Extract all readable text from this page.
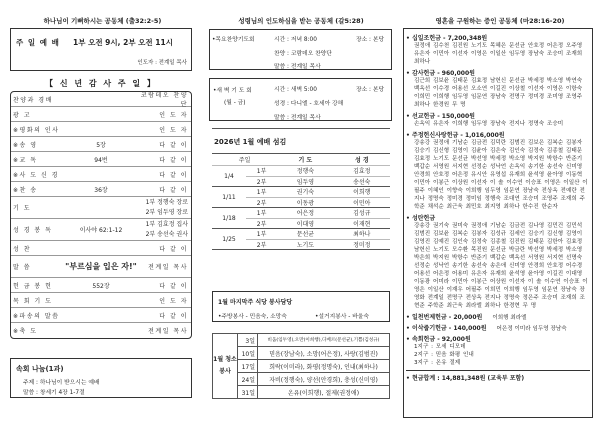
하나님이 기뻐하시는 공동체 (출32:2-5)
주 일 예 배 1부 오전 9시, 2부 오전 11시
인도자 : 전계일 목사
【 신 년 감 사 주 일 】
찬양과 경배
코람데오 찬양단
광 고	인 도 자
※평화의 인사	인 도 자
※송 영	5장	다 같 이
※교 독	94번	다 같 이
※사 도 신 경	다 같 이
※찬 송	36장	다 같 이
기 도
1부 정행숙 장로
2부 임두영 장로
성 경 봉 독	이사야 62:1-12
1부 김효정 집사
2부 송선숙 권사
성 찬	다 같 이
말 씀	"부르심을 입은 자!"	전계일 목사
헌 금 봉 헌	552장	다 같 이
목 회 기 도	인 도 자
※파송의 말씀	다 같 이
※축 도	전계일 목사
속회 나눔(1과)
주제 : 하나님이 받으시는 예배
말씀 : 창세기 4장 1-7절
성령님의 인도하심을 받는 공동체 (갈5:28)
•목요찬양기도회	시간 : 저녁 8:00	장소 : 본당
찬양 : 코람데오 찬양단
말씀 : 전계일 목사
•새 벽 기 도 회
(월 - 금)
시간 : 새벽 5:00	장소 : 본당
성경 : 다니엘 - 호세아 강해
말씀 : 전계일 목사
2026년 1월 예배 섬김
주일		기 도	성 경
1/4	1부	정행숙	김효정
	2부	임두영	송선숙
1/11	1부	권기숙	이희행
	2부	이동광	이민아
1/18	1부	어은정	김성규
	2부	이대영	이재현
1/25	1부	문선균	최하나
	2부	노기도	정미정
1월 마지막주 식당 봉사담당
•주방봉사 - 민음숙, 소망숙	•설거지봉사 - 바울숙
1월 청소 봉사	3일	비움(임두영),오만(이희행),디베르(문선균),기쁨(김성규)
	10일	믿음(장남숙), 소망(어은정), 사랑(김범진)
	17일	희락(이미라), 화평(정명숙), 인내(최하나)
	24일	자비(정행숙), 양선(안경희), 충성(신미영)
	31일	온유(이희행), 절제(권정애)
영혼을 구원하는 증인 공동체 (마28:16-20)
• 십일조헌금 - 7,200,348원
권정애 김수천 김진원 노기도 목혜은 문선균 안호정 어은정 오주영 유은자 이민아 이선자 이영은 이일산 임두영 장남숙 조승미 조재희 최하나
• 감사헌금 - 960,000원
김근희 김보윤 김태문 김효정 남헌신 문선균 박세정 박소영 박연숙 백옥선 이수경 어용선 오소연 이길진 이상철 이선자 이영은 이항숙 이희민 이희행 임두영 임문연 장남숙 전명구 정미경 조미영 조영주 최하나 한경원 무 명
• 선교헌금 - 150,000원
손옥익 유은자 이희행 임두영 장남숙 전지나 정명숙 조승미
• 주정헌신사랑헌금 - 1,016,000원
강송강 권정애 기남순 김금전 김덕란 김범진 김보은 김복순 김봉자 김승기 김신형 김영이 김윤아 김은숙 김인숙 김정숙 김종철 김태문 김효정 노기도 문선균 박선영 박세정 박소영 박지원 박항수 반준기 백갑순 서영원 서지현 선정순 성낙언 손옥익 송기한 송선숙 신미영 안경희 안호정 어은정 유시안 유영섭 유재희 윤석영 윤아영 이동혁 이민아 이봉근 이상원 이선자 이 솔 이수연 이승표 이영은 이일산 이필주 이혜인 이향숙 이희행 임두영 임문연 장남숙 전상옥 전예란 전지나 정명숙 정미경 정미임 정행숙 조대연 조승미 조영주 조재희 주학준 채석순 최근욱 최민호 최지영 최하나 한수진 한순자
• 성탄헌금
강송강 권기숙 권미숙 권정애 기남순 김금전 김나영 김민건 김민석 김범진 김보윤 김복순 김봉자 김성규 김세인 김승기 김신형 김영이 김영진 김예진 김인숙 김정숙 김종철 김진원 김태문 김한아 김효정 남헌신 노기도 모수환 목진원 문선균 박금란 박선영 박세정 박소영 박은희 박지원 박항수 반준기 백갑순 백옥선 서영원 서지현 선명숙 선정순 성낙언 송기한 송선숙 송은애 신미영 안경희 안호정 어수경 어용선 어은정 어용미 유은자 유재희 윤석영 윤아영 이길진 이대영 이동광 어미라 이민아 이봉근 어상원 이선자 이 솔 이수연 이승표 이영은 이일산 이재우 어필주 이희민 이희행 임두영 임문연 장남숙 장영화 전계일 전명구 전상옥 전지나 정명숙 정은주 조승미 조재희 조현준 주학준 최근욱 최라엘 최하나 한경현 무 명
• 일천번제헌금 - 20,000원 이희행 최라엘
• 이삭줍기헌금 - 140,000원 어은정 이미라 임두영 장남숙
• 속회헌금 - 92,000원
1지구 : 모세 디모데
2지구 : 믿음 화평 인내
3지구 : 온유 절제
• 현금합계 : 14,881,348원 (교육부 포함)
